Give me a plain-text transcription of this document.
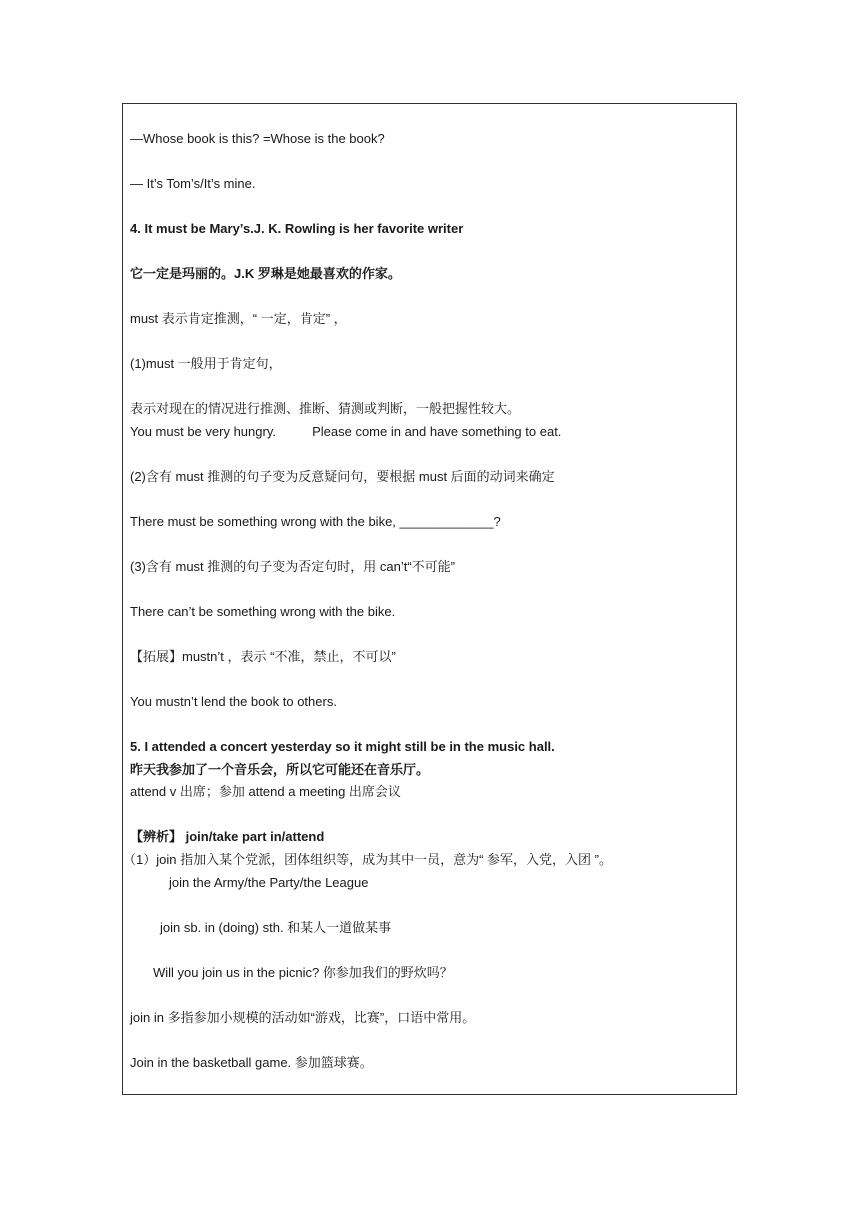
—Whose book is this? =Whose is the book?
— It’s Tom’s/It’s mine.
4. It must be Mary’s.J. K. Rowling is her favorite writer
它一定是玛丽的。J.K 罗琳是她最喜欢的作家。
must 表示肯定推测，“ 一定，肯定” ，
(1)must 一般用于肯定句，
表示对现在的情况进行推测、推断、猜测或判断，一般把握性较大。
You must be very hungry.          Please come in and have something to eat.
(2)含有 must 推测的句子变为反意疑问句，要根据 must 后面的动词来确定
There must be something wrong with the bike, _____________?
(3)含有 must 推测的句子变为否定句时，用 can’t“不可能”
There can’t be something wrong with the bike.
【拓展】mustn’t ，表示 “不准，禁止，不可以”
You mustn’t lend the book to others.
5. I attended a concert yesterday so it might still be in the music hall.
昨天我参加了一个音乐会，所以它可能还在音乐厅。
attend v 出席；参加 attend a meeting 出席会议
【辨析】 join/take part in/attend
（1）join 指加入某个党派，团体组织等，成为其中一员，意为“ 参军，入党，入团 ”。
join the Army/the Party/the League
join sb. in (doing) sth. 和某人一道做某事
Will you join us in the picnic? 你参加我们的野炊吗？
join in 多指参加小规模的活动如“游戏，比赛”，口语中常用。
Join in the basketball game. 参加篮球赛。
